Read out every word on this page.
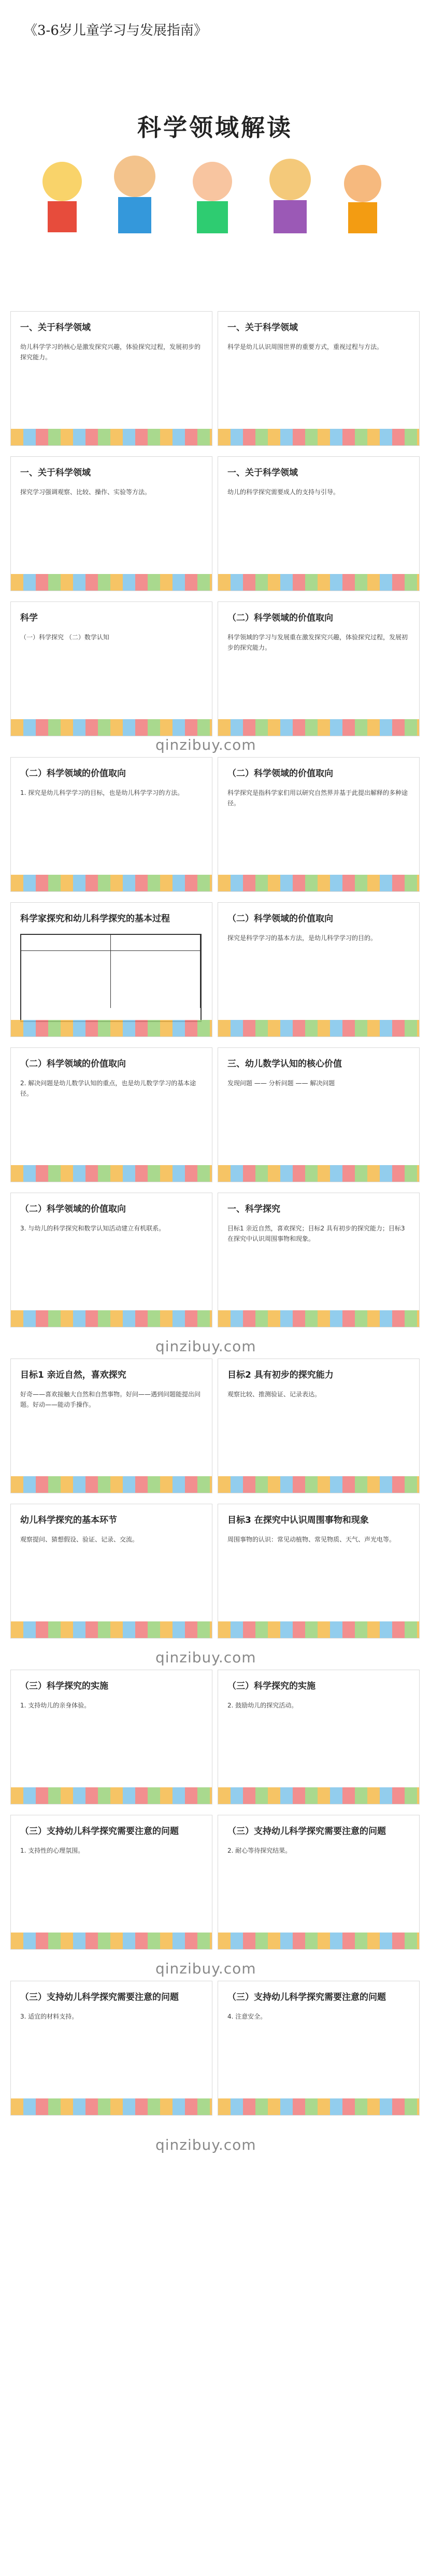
《3-6岁儿童学习与发展指南》
科学领域解读
一、关于科学领域
幼儿科学学习的核心是激发探究兴趣，体验探究过程，发展初步的探究能力。
一、关于科学领域
科学是幼儿认识周围世界的重要方式，重视过程与方法。
一、关于科学领域
探究学习强调观察、比较、操作、实验等方法。
一、关于科学领域
幼儿的科学探究需要成人的支持与引导。
科学
（一）科学探究 （二）数学认知
（二）科学领域的价值取向
科学领域的学习与发展重在激发探究兴趣，体验探究过程，发展初步的探究能力。
qinzibuy.com
（二）科学领域的价值取向
1. 探究是幼儿科学学习的目标，也是幼儿科学学习的方法。
（二）科学领域的价值取向
科学探究是指科学家们用以研究自然界并基于此提出解释的多种途径。
科学家探究和幼儿科学探究的基本过程	（二）科学领域的价值取向
探究是科学学习的基本方法，是幼儿科学学习的目的。
（二）科学领域的价值取向
2. 解决问题是幼儿数学认知的重点，也是幼儿数学学习的基本途径。
三、幼儿数学认知的核心价值
发现问题 —— 分析问题 —— 解决问题
（二）科学领域的价值取向
3. 与幼儿的科学探究和数学认知活动建立有机联系。
一、科学探究
目标1 亲近自然，喜欢探究；目标2 具有初步的探究能力；目标3 在探究中认识周围事物和现象。
qinzibuy.com
目标1 亲近自然，喜欢探究
好奇——喜欢接触大自然和自然事物。好问——遇到问题能提出问题。好动——能动手操作。
目标2 具有初步的探究能力
观察比较、推测验证、记录表达。
幼儿科学探究的基本环节
观察提问、猜想假设、验证、记录、交流。
目标3 在探究中认识周围事物和现象
周围事物的认识：常见动植物、常见物质、天气、声光电等。
qinzibuy.com
（三）科学探究的实施
1. 支持幼儿的亲身体验。
（三）科学探究的实施
2. 鼓励幼儿的探究活动。
（三）支持幼儿科学探究需要注意的问题
1. 支持性的心理氛围。
（三）支持幼儿科学探究需要注意的问题
2. 耐心等待探究结果。
qinzibuy.com
（三）支持幼儿科学探究需要注意的问题
3. 适宜的材料支持。
（三）支持幼儿科学探究需要注意的问题
4. 注意安全。
qinzibuy.com
